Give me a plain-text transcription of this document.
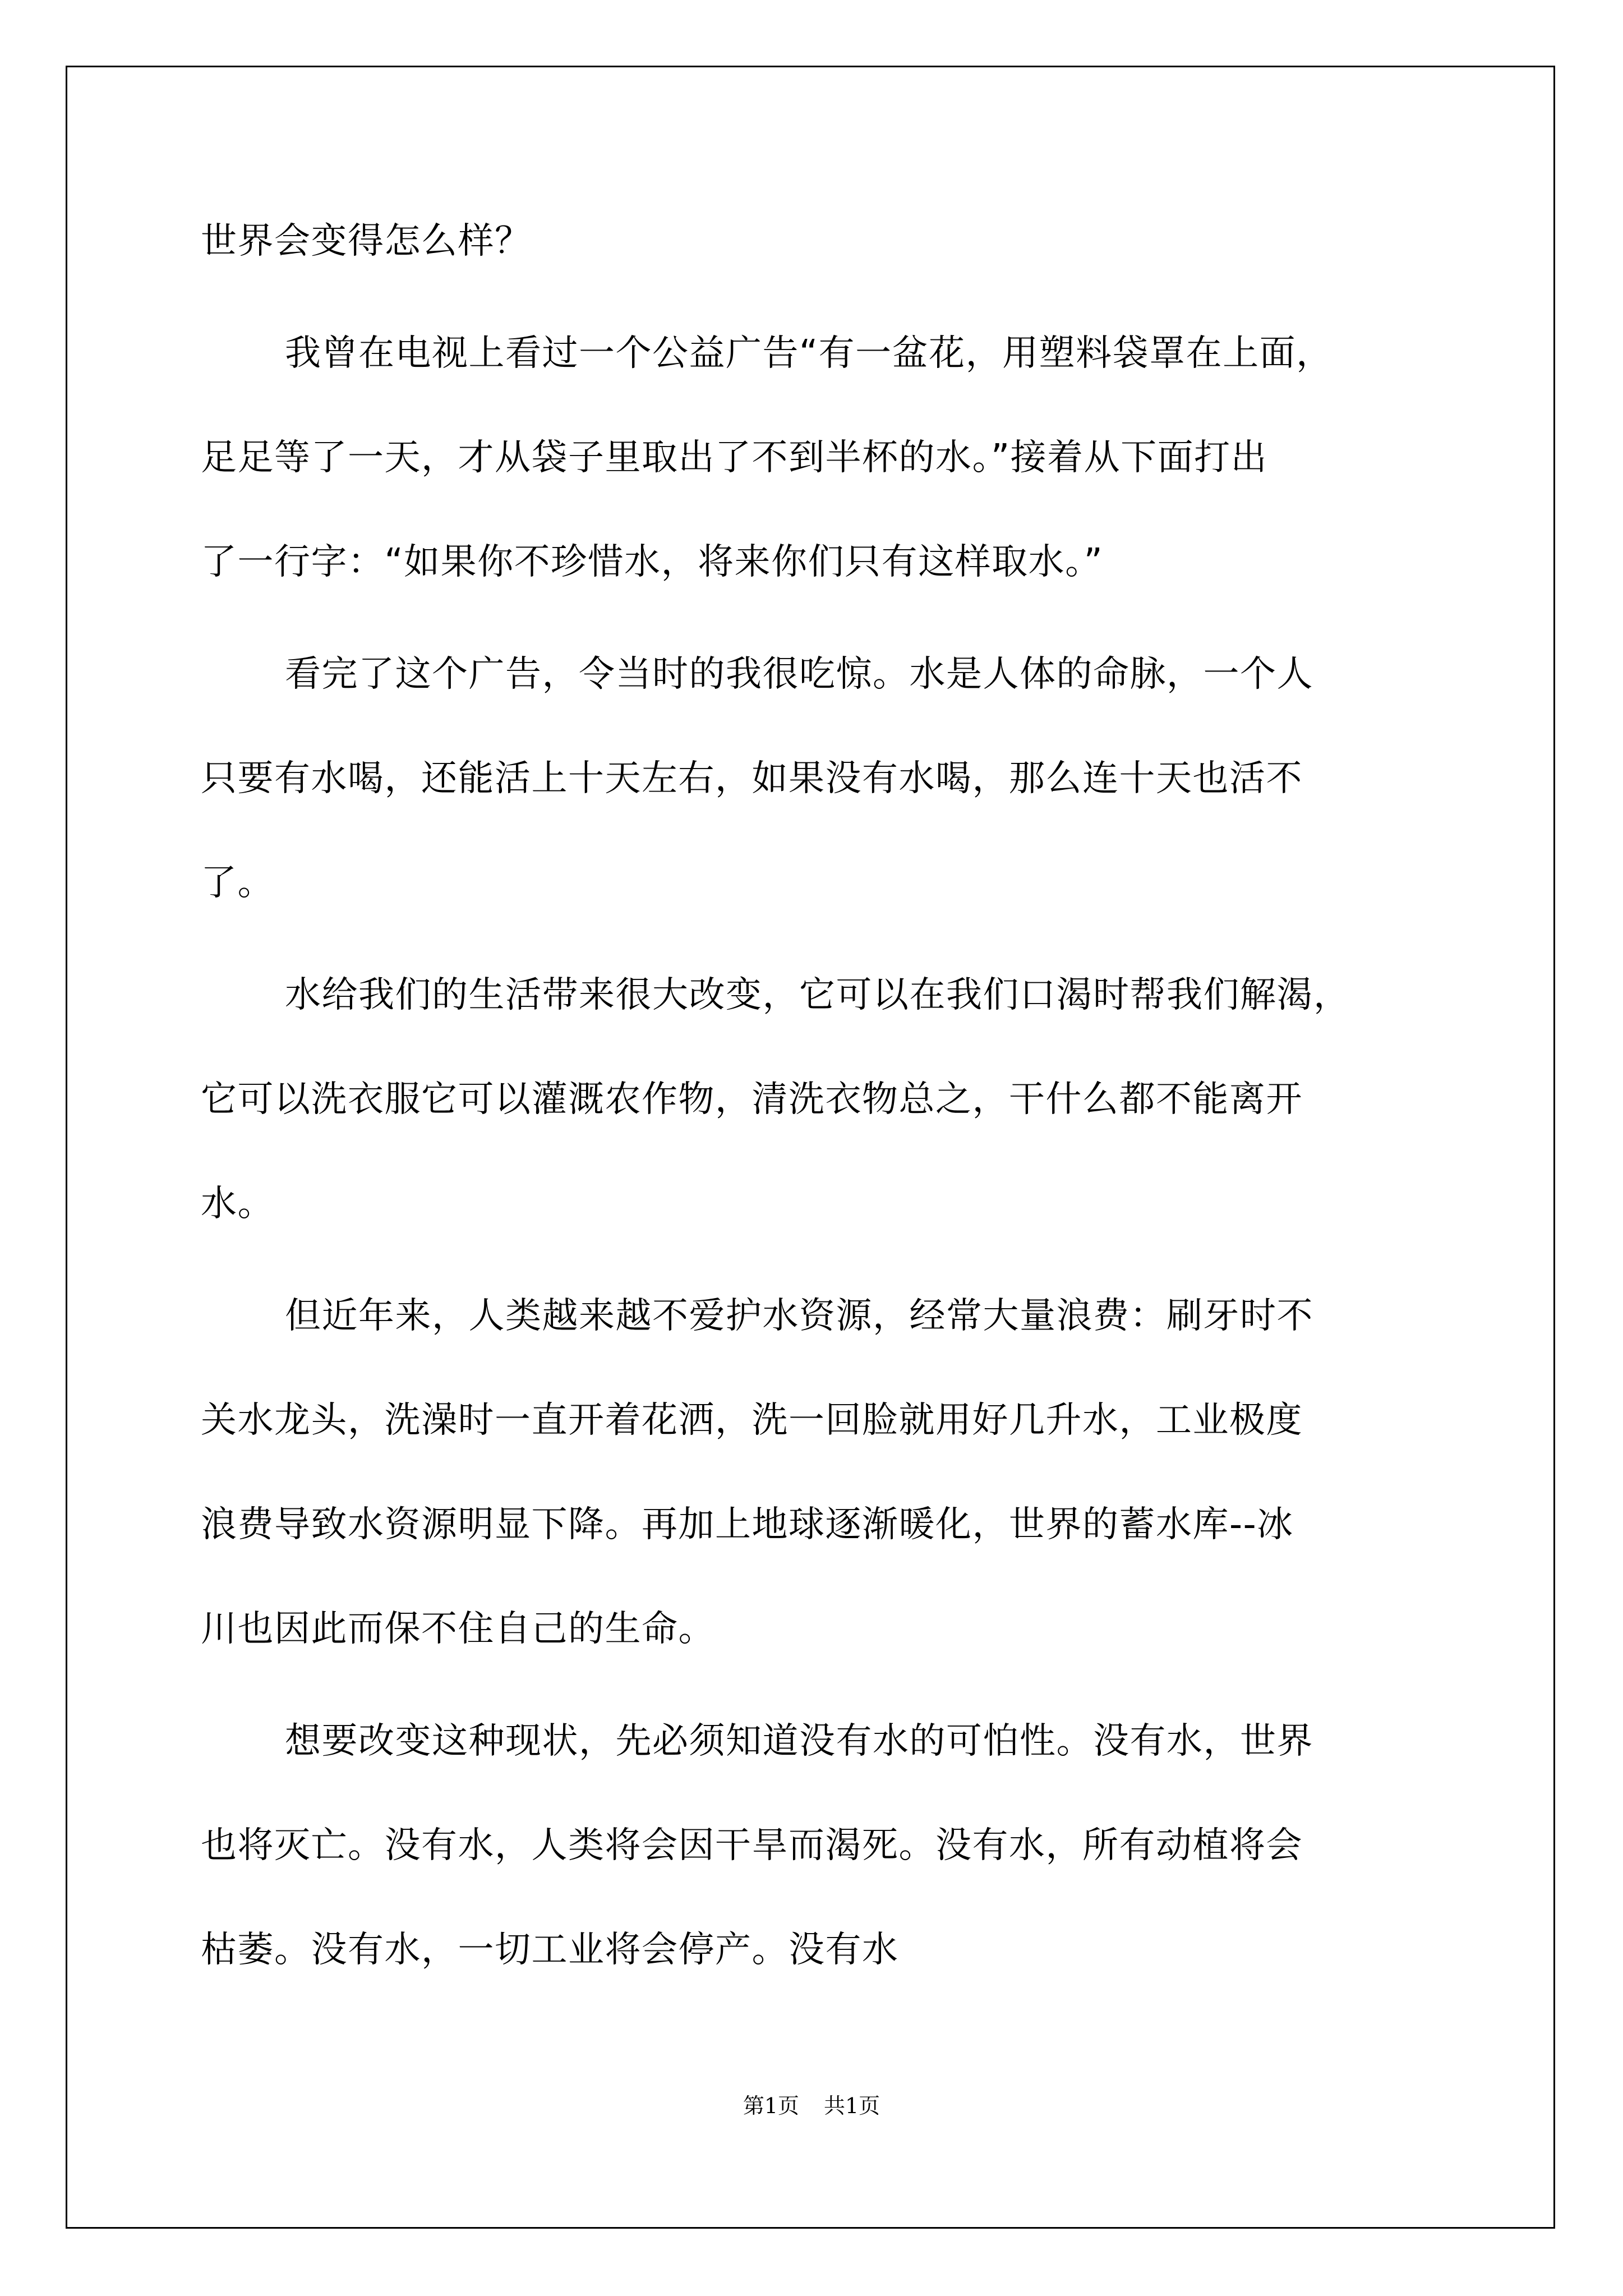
世界会变得怎么样？
我曾在电视上看过一个公益广告“有一盆花，用塑料袋罩在上面，
足足等了一天，才从袋子里取出了不到半杯的水。”接着从下面打出
了一行字：“如果你不珍惜水，将来你们只有这样取水。”
看完了这个广告，令当时的我很吃惊。水是人体的命脉，一个人
只要有水喝，还能活上十天左右，如果没有水喝，那么连十天也活不
了。
水给我们的生活带来很大改变，它可以在我们口渴时帮我们解渴，
它可以洗衣服它可以灌溉农作物，清洗衣物总之，干什么都不能离开
水。
但近年来，人类越来越不爱护水资源，经常大量浪费：刷牙时不
关水龙头，洗澡时一直开着花洒，洗一回脸就用好几升水，工业极度
浪费导致水资源明显下降。再加上地球逐渐暖化，世界的蓄水库--冰
川也因此而保不住自己的生命。
想要改变这种现状，先必须知道没有水的可怕性。没有水，世界
也将灭亡。没有水，人类将会因干旱而渴死。没有水，所有动植将会
枯萎。没有水，一切工业将会停产。没有水
第1页 共1页
